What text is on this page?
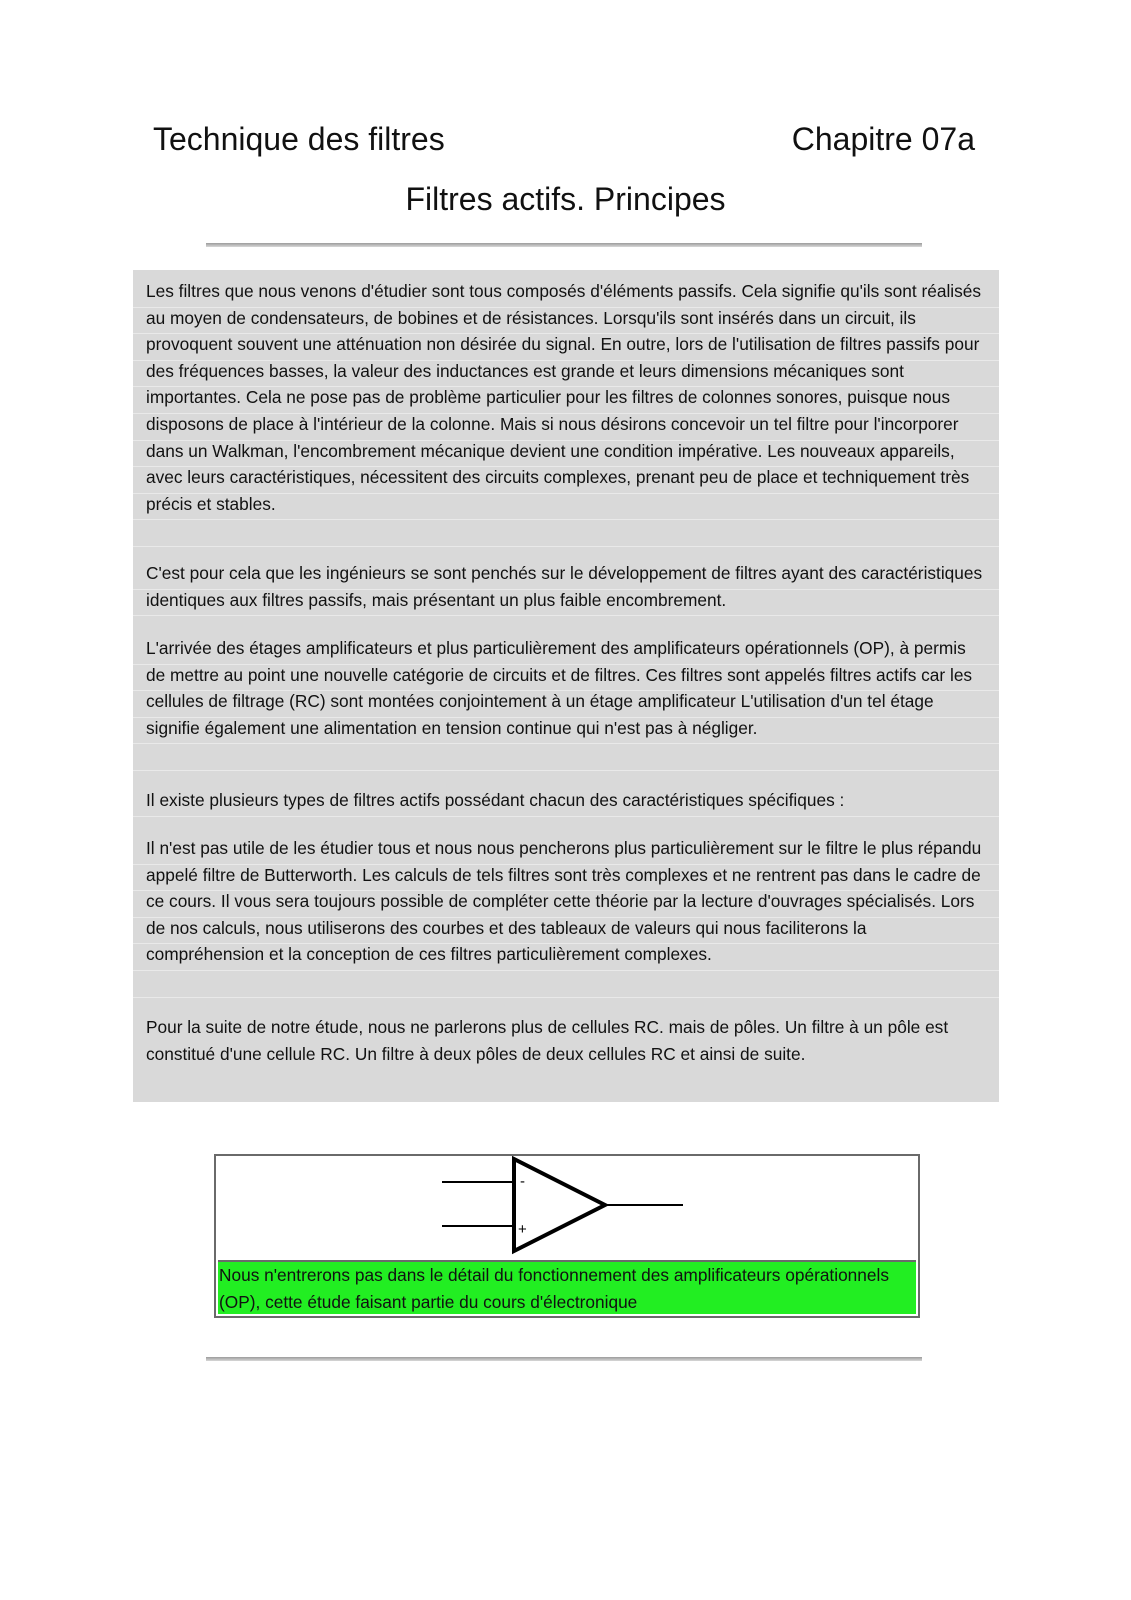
Technique des filtres	Chapitre 07a
Filtres actifs. Principes

Les filtres que nous venons d'étudier sont tous composés d'éléments passifs. Cela signifie qu'ils sont réalisés au moyen de condensateurs, de bobines et de résistances. Lorsqu'ils sont insérés dans un circuit, ils provoquent souvent une atténuation non désirée du signal. En outre, lors de l'utilisation de filtres passifs pour des fréquences basses, la valeur des inductances est grande et leurs dimensions mécaniques sont importantes. Cela ne pose pas de problème particulier pour les filtres de colonnes sonores, puisque nous disposons de place à l'intérieur de la colonne. Mais si nous désirons concevoir un tel filtre pour l'incorporer dans un Walkman, l'encombrement mécanique devient une condition impérative. Les nouveaux appareils, avec leurs caractéristiques, nécessitent des circuits complexes, prenant peu de place et techniquement très précis et stables.

C'est pour cela que les ingénieurs se sont penchés sur le développement de filtres ayant des caractéristiques identiques aux filtres passifs, mais présentant un plus faible encombrement.

L'arrivée des étages amplificateurs et plus particulièrement des amplificateurs opérationnels (OP), à permis de mettre au point une nouvelle catégorie de circuits et de filtres. Ces filtres sont appelés filtres actifs car les cellules de filtrage (RC) sont montées conjointement à un étage amplificateur L'utilisation d'un tel étage signifie également une alimentation en tension continue qui n'est pas à négliger.

Il existe plusieurs types de filtres actifs possédant chacun des caractéristiques spécifiques :

Il n'est pas utile de les étudier tous et nous nous pencherons plus particulièrement sur le filtre le plus répandu appelé filtre de Butterworth. Les calculs de tels filtres sont très complexes et ne rentrent pas dans le cadre de ce cours. Il vous sera toujours possible de compléter cette théorie par la lecture d'ouvrages spécialisés. Lors de nos calculs, nous utiliserons des courbes et des tableaux de valeurs qui nous faciliterons la compréhension et la conception de ces filtres particulièrement complexes.

Pour la suite de notre étude, nous ne parlerons plus de cellules RC. mais de pôles. Un filtre à un pôle est constitué d'une cellule RC. Un filtre à deux pôles de deux cellules RC et ainsi de suite.

-
+
Nous n'entrerons pas dans le détail du fonctionnement des amplificateurs opérationnels (OP), cette étude faisant partie du cours d'électronique
